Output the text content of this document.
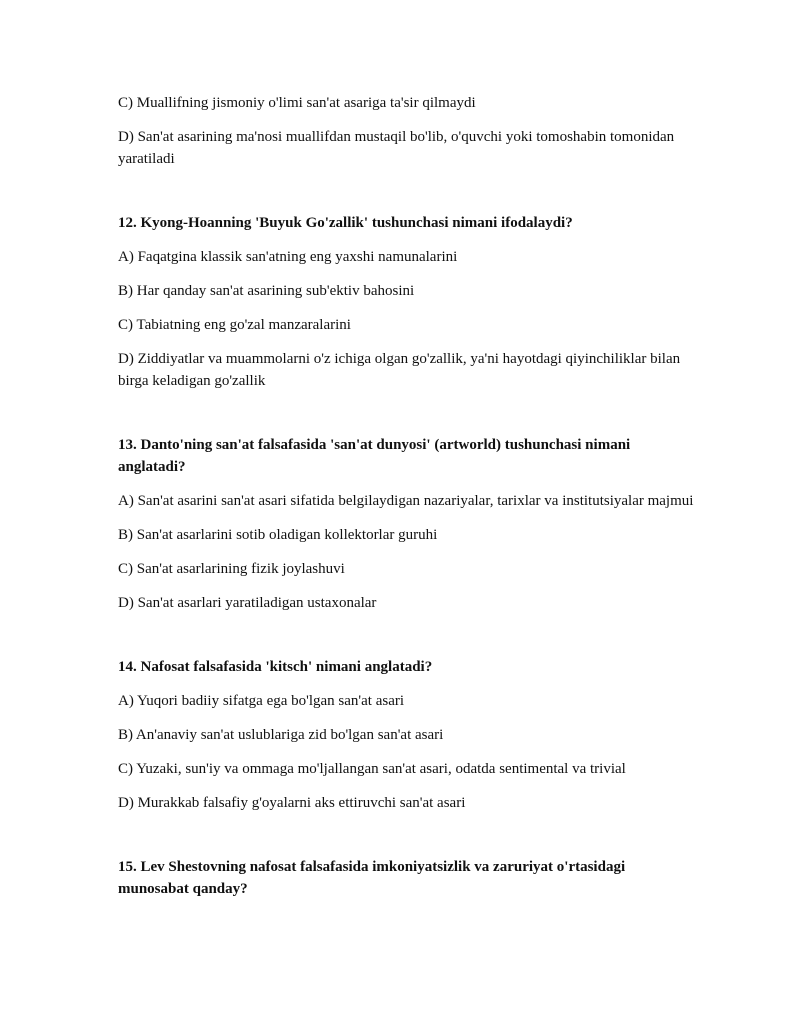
C) Muallifning jismoniy o'limi san'at asariga ta'sir qilmaydi

D) San'at asarining ma'nosi muallifdan mustaqil bo'lib, o'quvchi yoki tomoshabin tomonidan yaratiladi

12. Kyong-Hoanning 'Buyuk Go'zallik' tushunchasi nimani ifodalaydi?

A) Faqatgina klassik san'atning eng yaxshi namunalarini

B) Har qanday san'at asarining sub'ektiv bahosini

C) Tabiatning eng go'zal manzaralarini

D) Ziddiyatlar va muammolarni o'z ichiga olgan go'zallik, ya'ni hayotdagi qiyinchiliklar bilan birga keladigan go'zallik

13. Danto'ning san'at falsafasida 'san'at dunyosi' (artworld) tushunchasi nimani anglatadi?

A) San'at asarini san'at asari sifatida belgilaydigan nazariyalar, tarixlar va institutsiyalar majmui

B) San'at asarlarini sotib oladigan kollektorlar guruhi

C) San'at asarlarining fizik joylashuvi

D) San'at asarlari yaratiladigan ustaxonalar

14. Nafosat falsafasida 'kitsch' nimani anglatadi?

A) Yuqori badiiy sifatga ega bo'lgan san'at asari

B) An'anaviy san'at uslublariga zid bo'lgan san'at asari

C) Yuzaki, sun'iy va ommaga mo'ljallangan san'at asari, odatda sentimental va trivial

D) Murakkab falsafiy g'oyalarni aks ettiruvchi san'at asari

15. Lev Shestovning nafosat falsafasida imkoniyatsizlik va zaruriyat o'rtasidagi munosabat qanday?
